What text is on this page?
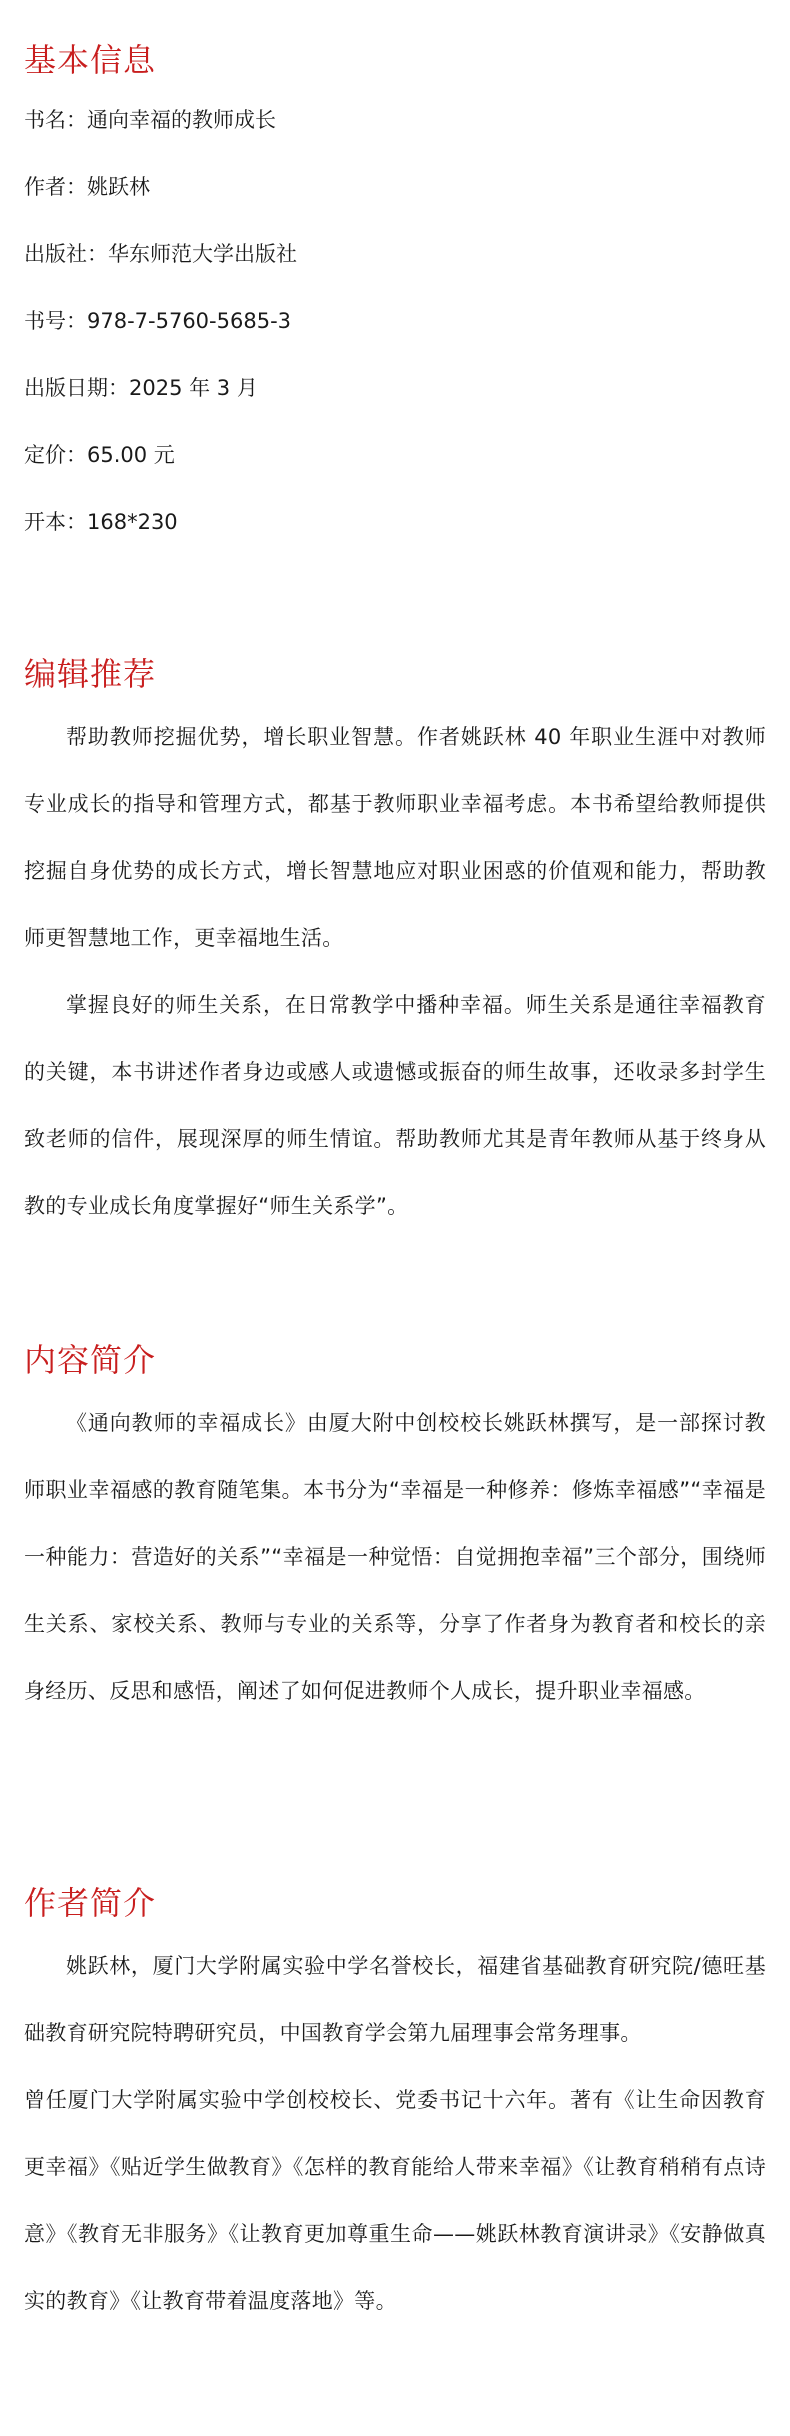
基本信息
书名：通向幸福的教师成长
作者：姚跃林
出版社：华东师范大学出版社
书号：978-7-5760-5685-3
出版日期：2025 年 3 月
定价：65.00 元
开本：168*230
编辑推荐

帮助教师挖掘优势，增长职业智慧。作者姚跃林 40 年职业生涯中对教师专业成长的指导和管理方式，都基于教师职业幸福考虑。本书希望给教师提供挖掘自身优势的成长方式，增长智慧地应对职业困惑的价值观和能力，帮助教师更智慧地工作，更幸福地生活。

掌握良好的师生关系，在日常教学中播种幸福。师生关系是通往幸福教育的关键，本书讲述作者身边或感人或遗憾或振奋的师生故事，还收录多封学生致老师的信件，展现深厚的师生情谊。帮助教师尤其是青年教师从基于终身从教的专业成长角度掌握好“师生关系学”。

内容简介

《通向教师的幸福成长》由厦大附中创校校长姚跃林撰写，是一部探讨教师职业幸福感的教育随笔集。本书分为“幸福是一种修养：修炼幸福感”“幸福是一种能力：营造好的关系”“幸福是一种觉悟：自觉拥抱幸福”三个部分，围绕师生关系、家校关系、教师与专业的关系等，分享了作者身为教育者和校长的亲身经历、反思和感悟，阐述了如何促进教师个人成长，提升职业幸福感。

作者简介

姚跃林，厦门大学附属实验中学名誉校长，福建省基础教育研究院/德旺基础教育研究院特聘研究员，中国教育学会第九届理事会常务理事。

曾任厦门大学附属实验中学创校校长、党委书记十六年。著有《让生命因教育更幸福》《贴近学生做教育》《怎样的教育能给人带来幸福》《让教育稍稍有点诗意》《教育无非服务》《让教育更加尊重生命——姚跃林教育演讲录》《安静做真实的教育》《让教育带着温度落地》等。
